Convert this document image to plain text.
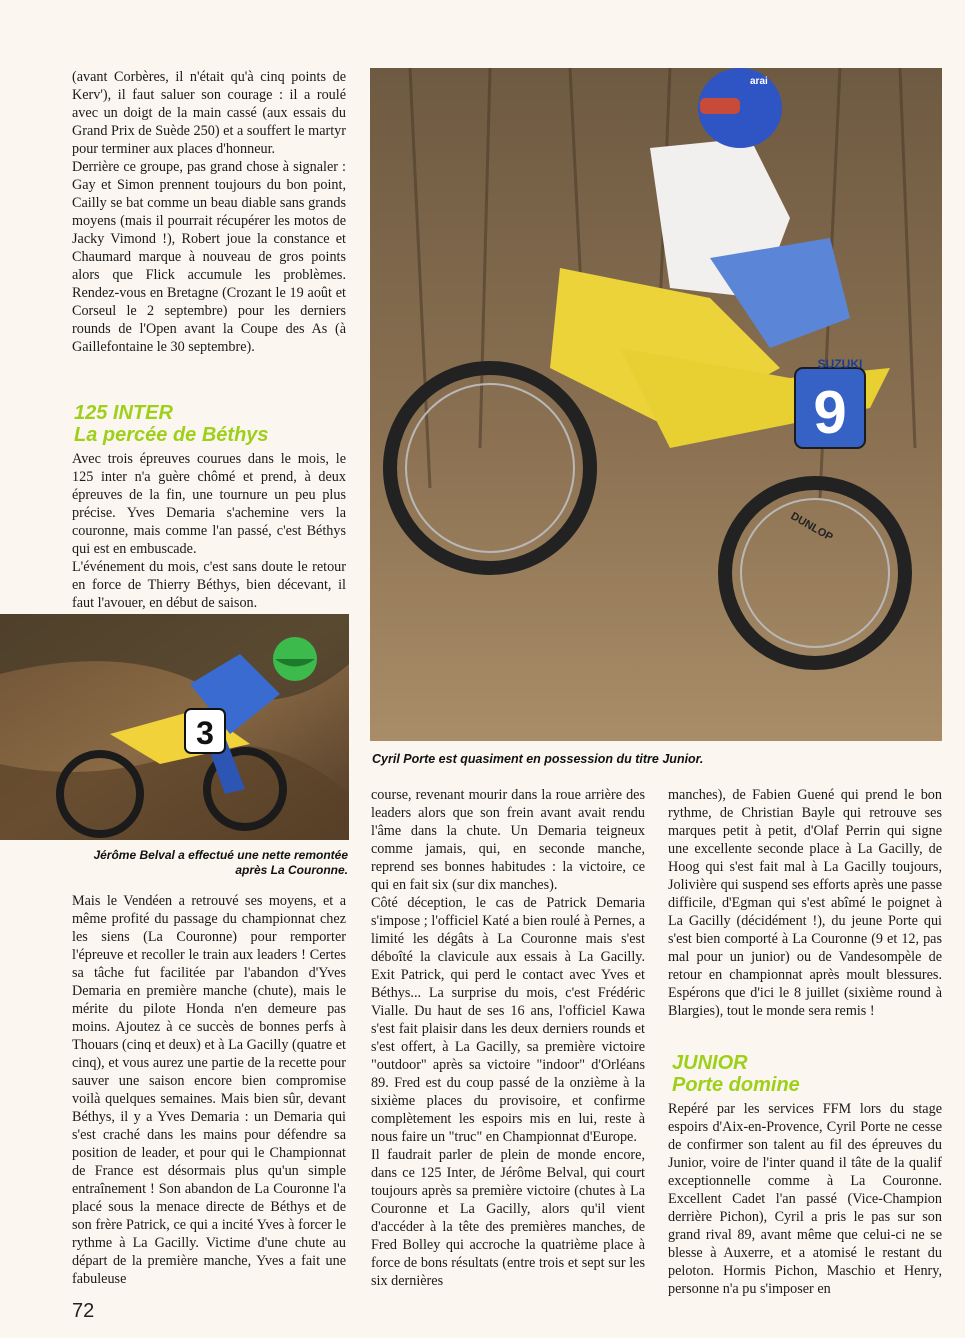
(avant Corbères, il n'était qu'à cinq points de Kerv'), il faut saluer son courage : il a roulé avec un doigt de la main cassé (aux essais du Grand Prix de Suède 250) et a souffert le martyr pour terminer aux places d'honneur.

Derrière ce groupe, pas grand chose à signaler : Gay et Simon prennent toujours du bon point, Cailly se bat comme un beau diable sans grands moyens (mais il pourrait récupérer les motos de Jacky Vimond !), Robert joue la constance et Chaumard marque à nouveau de gros points alors que Flick accumule les problèmes. Rendez-vous en Bretagne (Crozant le 19 août et Corseul le 2 septembre) pour les derniers rounds de l'Open avant la Coupe des As (à Gaillefontaine le 30 septembre).

125 INTER
La percée de Béthys

Avec trois épreuves courues dans le mois, le 125 inter n'a guère chômé et prend, à deux épreuves de la fin, une tournure un peu plus précise. Yves Demaria s'achemine vers la couronne, mais comme l'an passé, c'est Béthys qui est en embuscade.

L'événement du mois, c'est sans doute le retour en force de Thierry Béthys, bien décevant, il faut l'avouer, en début de saison.

3
Jérôme Belval a effectué une nette remontée après La Couronne.
Mais le Vendéen a retrouvé ses moyens, et a même profité du passage du championnat chez les siens (La Couronne) pour remporter l'épreuve et recoller le train aux leaders ! Certes sa tâche fut facilitée par l'abandon d'Yves Demaria en première manche (chute), mais le mérite du pilote Honda n'en demeure pas moins. Ajoutez à ce succès de bonnes perfs à Thouars (cinq et deux) et à La Gacilly (quatre et cinq), et vous aurez une partie de la recette pour sauver une saison encore bien compromise voilà quelques semaines. Mais bien sûr, devant Béthys, il y a Yves Demaria : un Demaria qui s'est craché dans les mains pour défendre sa position de leader, et pour qui le Championnat de France est désormais plus qu'un simple entraînement ! Son abandon de La Couronne l'a placé sous la menace directe de Béthys et de son frère Patrick, ce qui a incité Yves à forcer le rythme à La Gacilly. Victime d'une chute au départ de la première manche, Yves a fait une fabuleuse
9
SUZUKI
DUNLOP
arai
Cyril Porte est quasiment en possession du titre Junior.

course, revenant mourir dans la roue arrière des leaders alors que son frein avant avait rendu l'âme dans la chute. Un Demaria teigneux comme jamais, qui, en seconde manche, reprend ses bonnes habitudes : la victoire, ce qui en fait six (sur dix manches).

Côté déception, le cas de Patrick Demaria s'impose ; l'officiel Katé a bien roulé à Pernes, a limité les dégâts à La Couronne mais s'est déboîté la clavicule aux essais à La Gacilly. Exit Patrick, qui perd le contact avec Yves et Béthys... La surprise du mois, c'est Frédéric Vialle. Du haut de ses 16 ans, l'officiel Kawa s'est fait plaisir dans les deux derniers rounds et s'est offert, à La Gacilly, sa première victoire "outdoor" après sa victoire "indoor" d'Orléans 89. Fred est du coup passé de la onzième à la sixième places du provisoire, et confirme complètement les espoirs mis en lui, reste à nous faire un "truc" en Championnat d'Europe.

Il faudrait parler de plein de monde encore, dans ce 125 Inter, de Jérôme Belval, qui court toujours après sa première victoire (chutes à La Couronne et La Gacilly, alors qu'il vient d'accéder à la tête des premières manches, de Fred Bolley qui accroche la quatrième place à force de bons résultats (entre trois et sept sur les six dernières

manches), de Fabien Guené qui prend le bon rythme, de Christian Bayle qui retrouve ses marques petit à petit, d'Olaf Perrin qui signe une excellente seconde place à La Gacilly, de Hoog qui s'est fait mal à La Gacilly toujours, Jolivière qui suspend ses efforts après une passe difficile, d'Egman qui s'est abîmé le poignet à La Gacilly (décidément !), du jeune Porte qui s'est bien comporté à La Couronne (9 et 12, pas mal pour un junior) ou de Vandesompèle de retour en championnat après moult blessures. Espérons que d'ici le 8 juillet (sixième round à Blargies), tout le monde sera remis !
JUNIOR
Porte domine
Repéré par les services FFM lors du stage espoirs d'Aix-en-Provence, Cyril Porte ne cesse de confirmer son talent au fil des épreuves du Junior, voire de l'inter quand il tâte de la qualif exceptionnelle comme à La Couronne. Excellent Cadet l'an passé (Vice-Champion derrière Pichon), Cyril a pris le pas sur son grand rival 89, avant même que celui-ci ne se blesse à Auxerre, et a atomisé le restant du peloton. Hormis Pichon, Maschio et Henry, personne n'a pu s'imposer en
72
